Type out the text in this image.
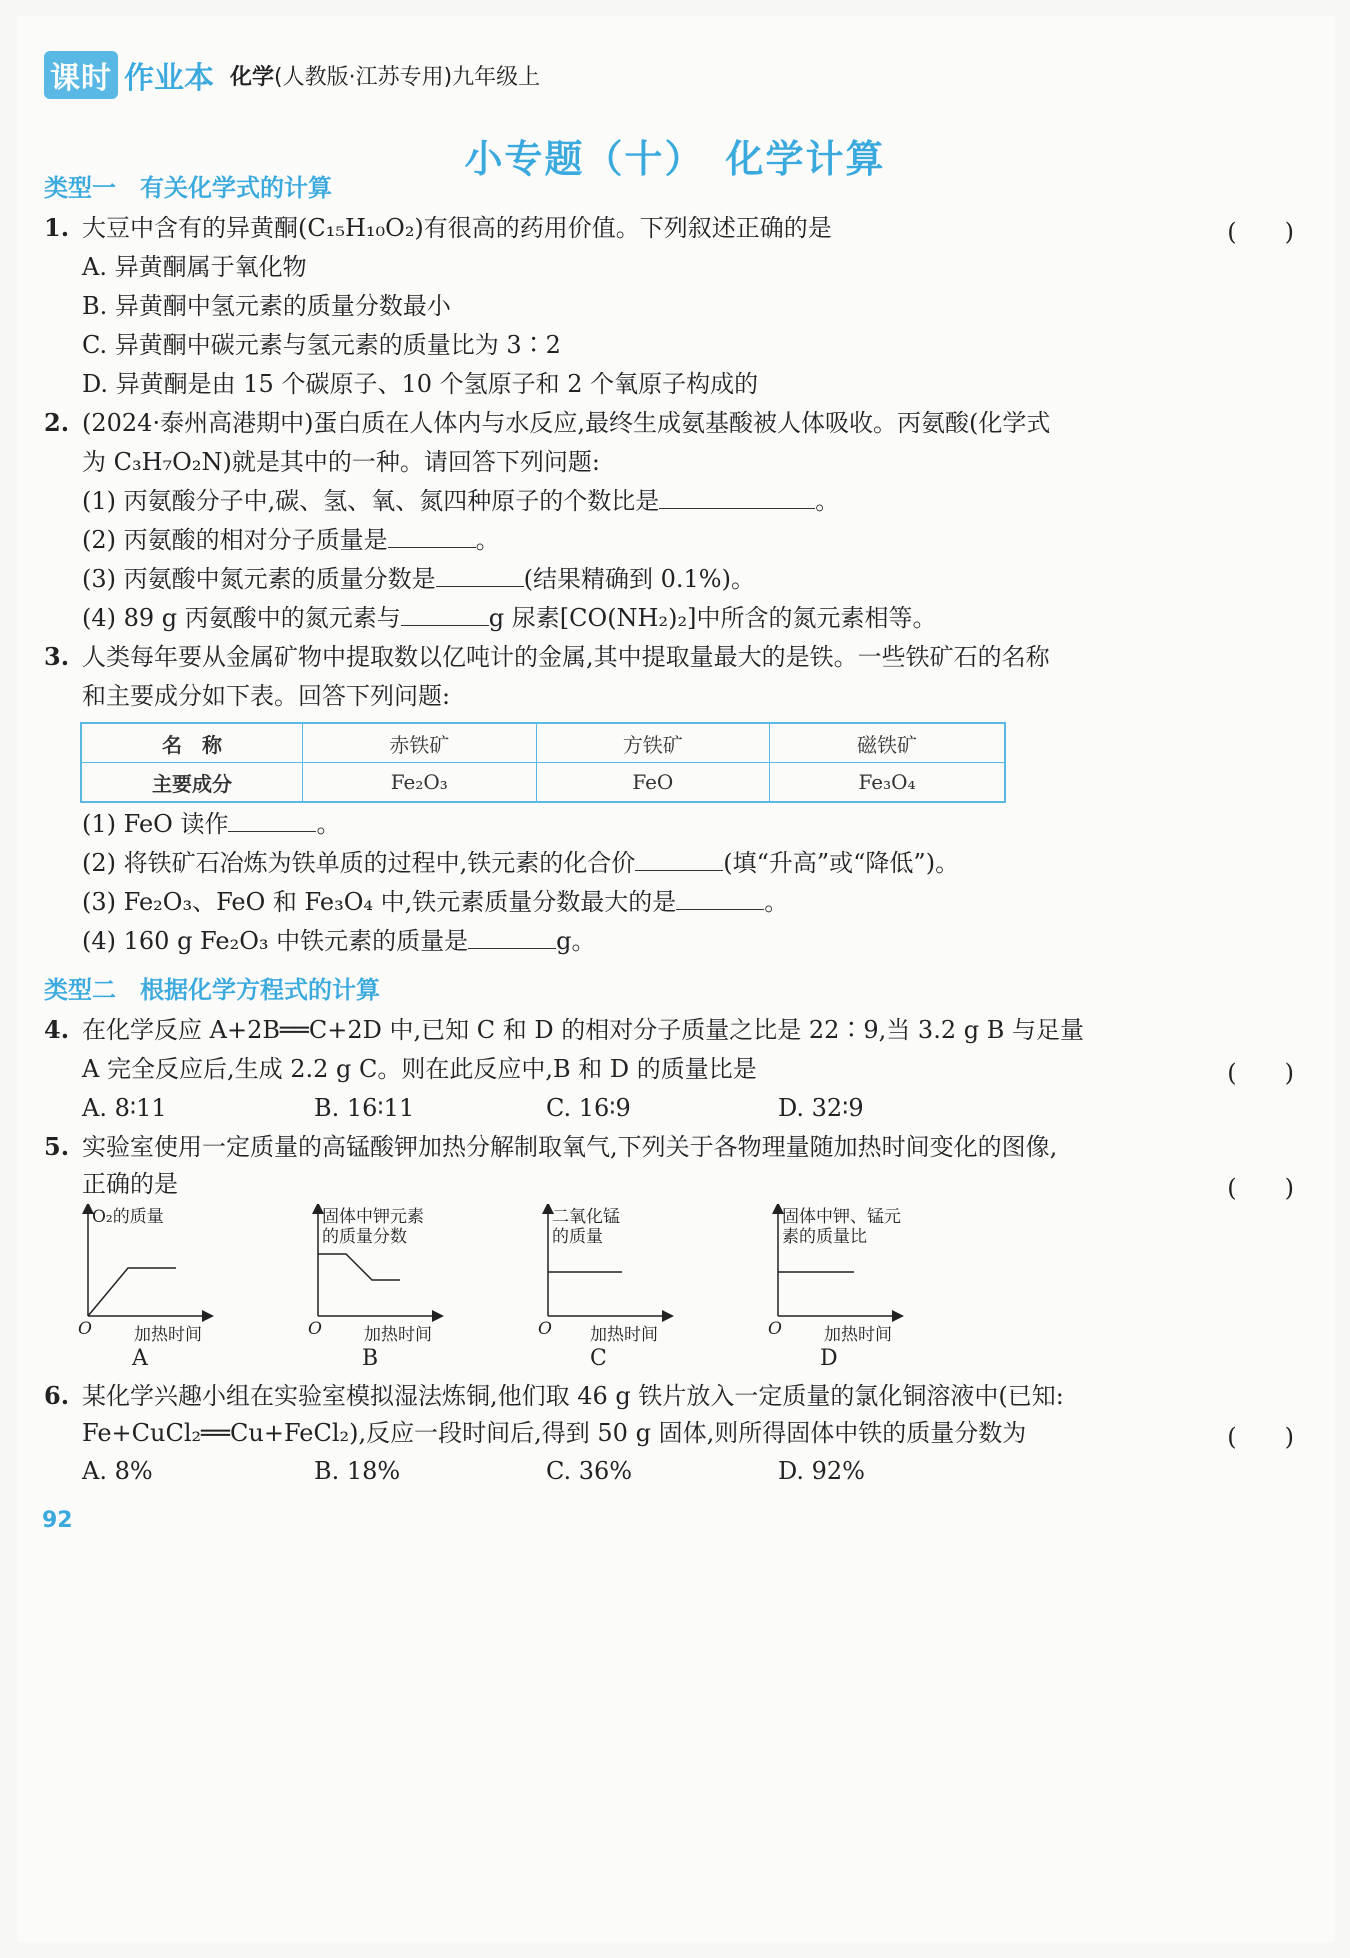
课时 作业本 化学(人教版·江苏专用)九年级上
小专题（十）　化学计算
类型一　有关化学式的计算
1. 大豆中含有的异黄酮(C₁₅H₁₀O₂)有很高的药用价值。下列叙述正确的是	(　　)
A. 异黄酮属于氧化物
B. 异黄酮中氢元素的质量分数最小
C. 异黄酮中碳元素与氢元素的质量比为 3∶2
D. 异黄酮是由 15 个碳原子、10 个氢原子和 2 个氧原子构成的
2. (2024·泰州高港期中)蛋白质在人体内与水反应,最终生成氨基酸被人体吸收。丙氨酸(化学式
为 C₃H₇O₂N)就是其中的一种。请回答下列问题:
(1) 丙氨酸分子中,碳、氢、氧、氮四种原子的个数比是	。
(2) 丙氨酸的相对分子质量是	。
(3) 丙氨酸中氮元素的质量分数是	(结果精确到 0.1%)。
(4) 89 g 丙氨酸中的氮元素与	g 尿素[CO(NH₂)₂]中所含的氮元素相等。
3. 人类每年要从金属矿物中提取数以亿吨计的金属,其中提取量最大的是铁。一些铁矿石的名称
和主要成分如下表。回答下列问题:
名　称	赤铁矿	方铁矿	磁铁矿
主要成分	Fe₂O₃	FeO	Fe₃O₄
(1) FeO 读作	。
(2) 将铁矿石冶炼为铁单质的过程中,铁元素的化合价	(填“升高”或“降低”)。
(3) Fe₂O₃、FeO 和 Fe₃O₄ 中,铁元素质量分数最大的是	。
(4) 160 g Fe₂O₃ 中铁元素的质量是	g。
类型二　根据化学方程式的计算
4. 在化学反应 A+2B══C+2D 中,已知 C 和 D 的相对分子质量之比是 22∶9,当 3.2 g B 与足量
A 完全反应后,生成 2.2 g C。则在此反应中,B 和 D 的质量比是	(　　)
A. 8∶11	B. 16∶11	C. 16∶9	D. 32∶9
5. 实验室使用一定质量的高锰酸钾加热分解制取氧气,下列关于各物理量随加热时间变化的图像,
正确的是	(　　)
O₂的质量
O 加热时间
A
固体中钾元素
的质量分数
O 加热时间
B
二氧化锰
的质量
O 加热时间
C
固体中钾、锰元
素的质量比
O 加热时间
D
6. 某化学兴趣小组在实验室模拟湿法炼铜,他们取 46 g 铁片放入一定质量的氯化铜溶液中(已知:
Fe+CuCl₂══Cu+FeCl₂),反应一段时间后,得到 50 g 固体,则所得固体中铁的质量分数为	(　　)
A. 8%	B. 18%	C. 36%	D. 92%
92
